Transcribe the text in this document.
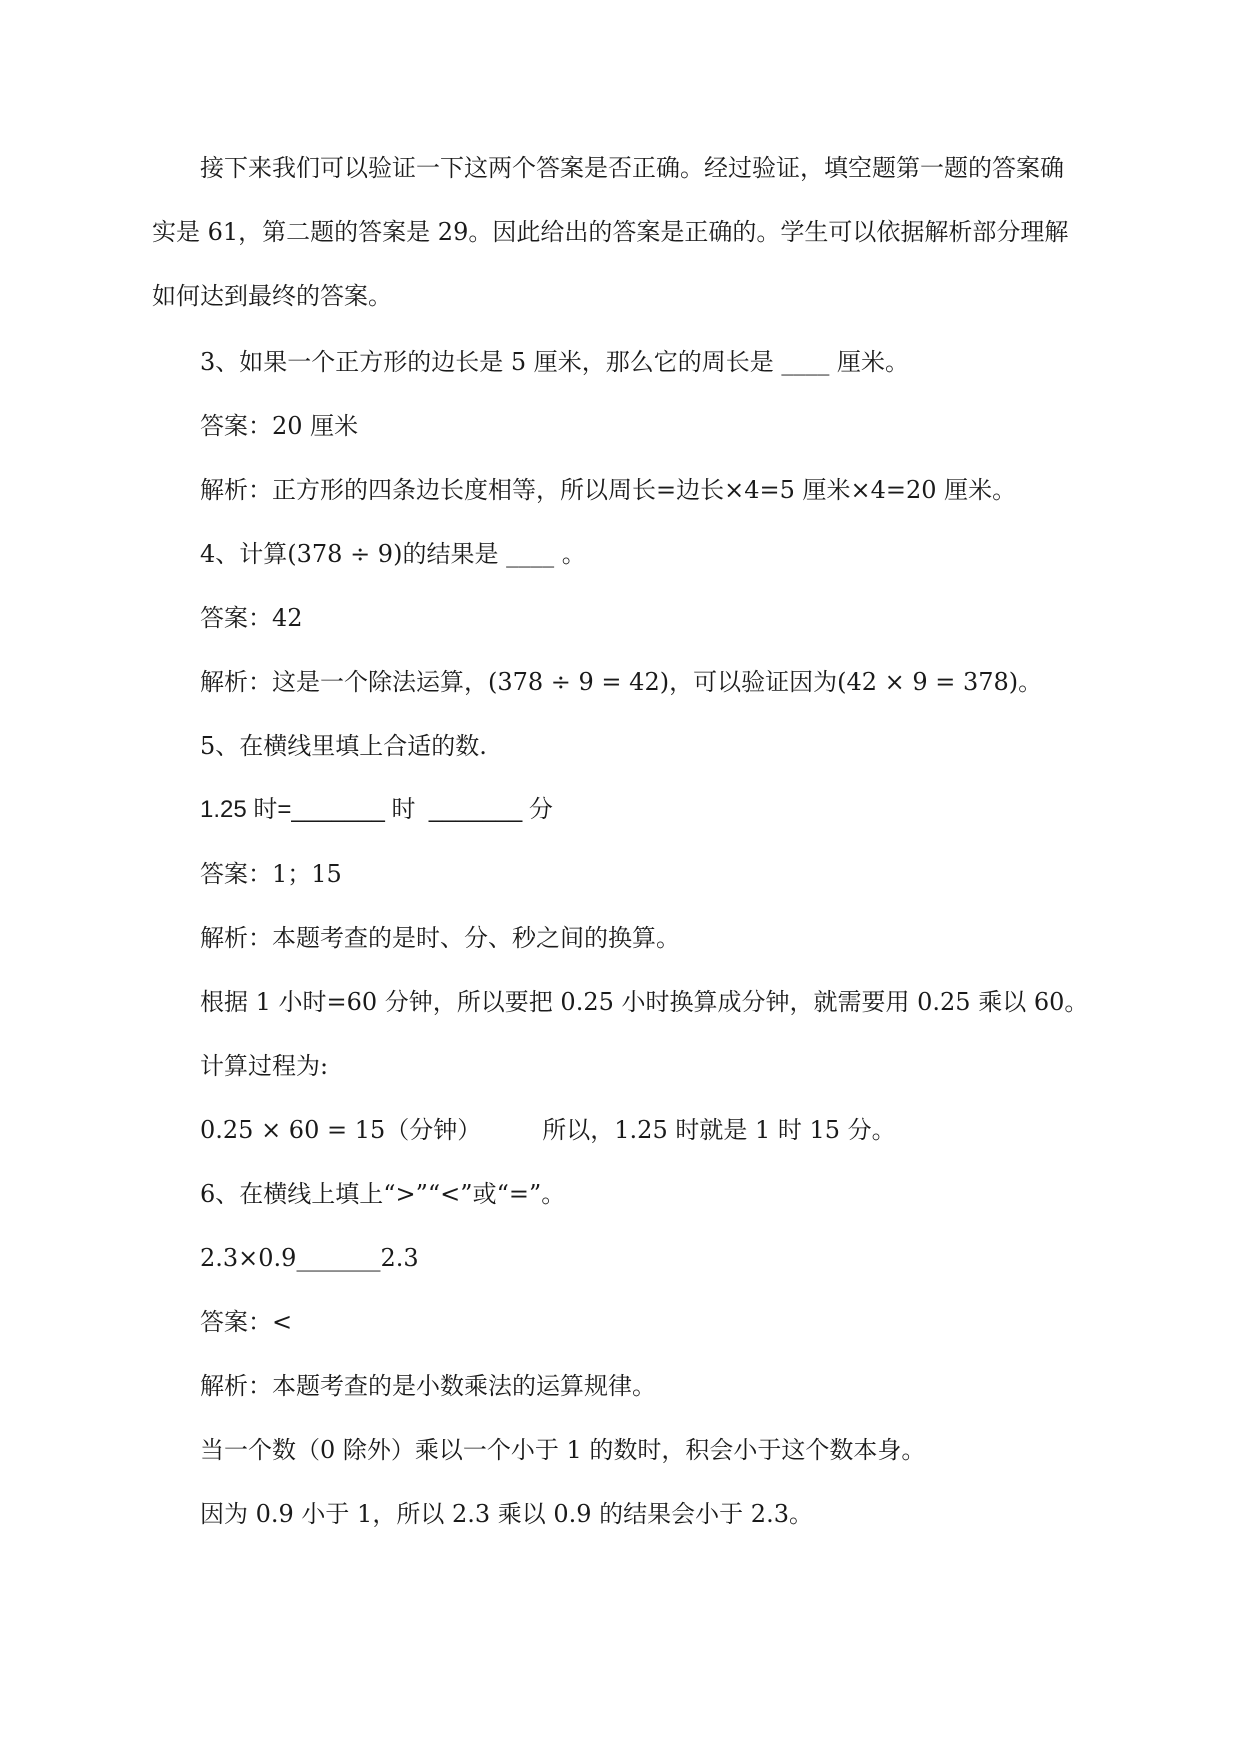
接下来我们可以验证一下这两个答案是否正确。经过验证，填空题第一题的答案确
实是 61，第二题的答案是 29。因此给出的答案是正确的。学生可以依据解析部分理解
如何达到最终的答案。
3、如果一个正方形的边长是 5 厘米，那么它的周长是 ____ 厘米。
答案：20 厘米
解析：正方形的四条边长度相等，所以周长=边长×4=5 厘米×4=20 厘米。
4、计算(378 ÷ 9)的结果是 ____ 。
答案：42
解析：这是一个除法运算，(378 ÷ 9 = 42)，可以验证因为(42 × 9 = 378)。
5、在横线里填上合适的数.
1.25 时=_______ 时  _______ 分
答案：1；15
解析：本题考查的是时、分、秒之间的换算。
根据 1 小时=60 分钟，所以要把 0.25 小时换算成分钟，就需要用 0.25 乘以 60。
计算过程为:
0.25 × 60 = 15（分钟）        所以，1.25 时就是 1 时 15 分。
6、在横线上填上“>”“<”或“=”。
2.3×0.9_______2.3
答案：<
解析：本题考查的是小数乘法的运算规律。
当一个数（0 除外）乘以一个小于 1 的数时，积会小于这个数本身。
因为 0.9 小于 1，所以 2.3 乘以 0.9 的结果会小于 2.3。
